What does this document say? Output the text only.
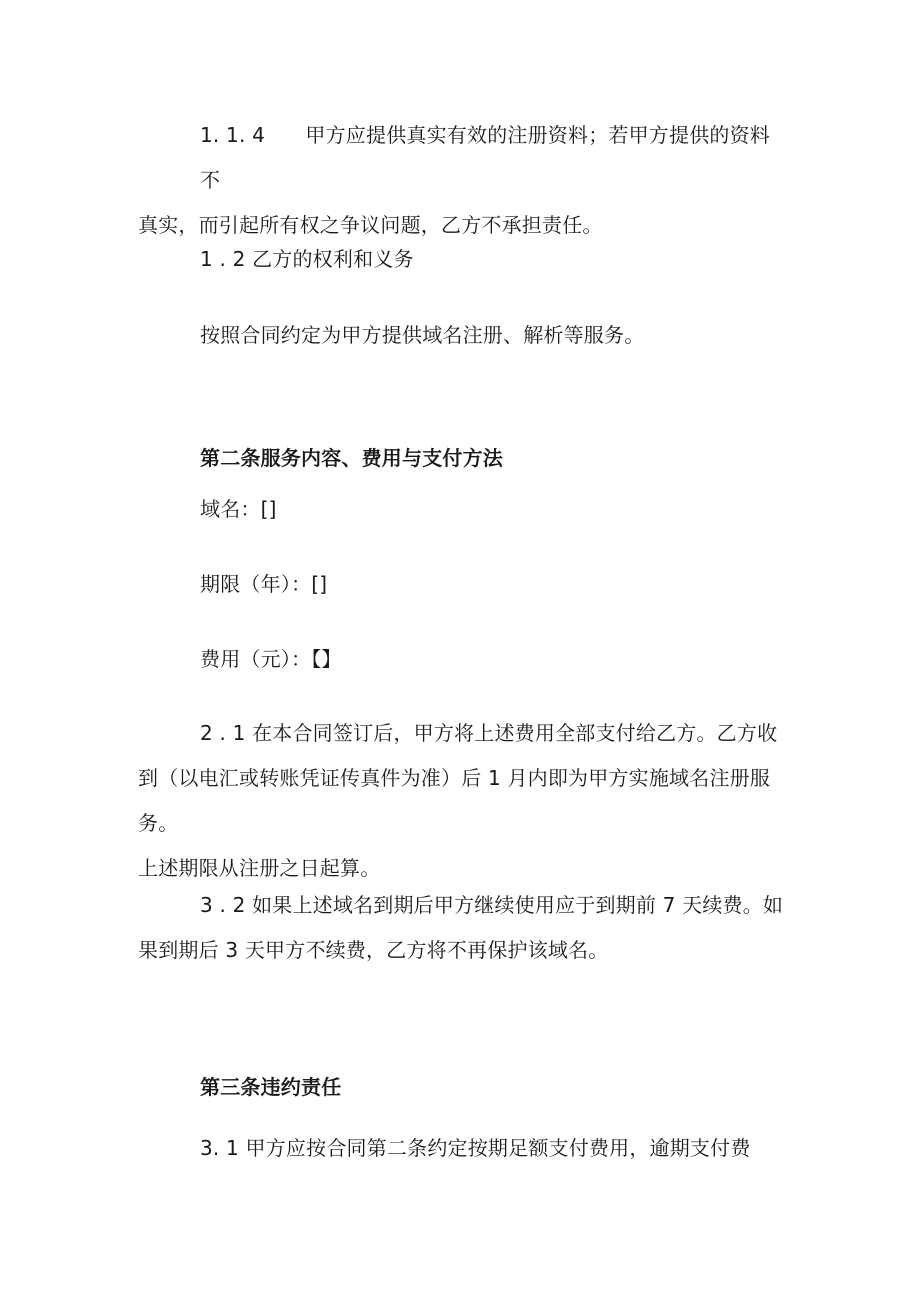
1. 1. 4　　甲方应提供真实有效的注册资料；若甲方提供的资料不
真实，而引起所有权之争议问题，乙方不承担责任。
1 . 2 乙方的权利和义务
按照合同约定为甲方提供域名注册、解析等服务。
第二条服务内容、费用与支付方法
域名：[]
期限（年）：[]
费用（元）：【】
2 . 1 在本合同签订后，甲方将上述费用全部支付给乙方。乙方收
到（以电汇或转账凭证传真件为准）后 1 月内即为甲方实施域名注册服务。
上述期限从注册之日起算。
3 . 2 如果上述域名到期后甲方继续使用应于到期前 7 天续费。如
果到期后 3 天甲方不续费，乙方将不再保护该域名。
第三条违约责任
3. 1 甲方应按合同第二条约定按期足额支付费用，逾期支付费
